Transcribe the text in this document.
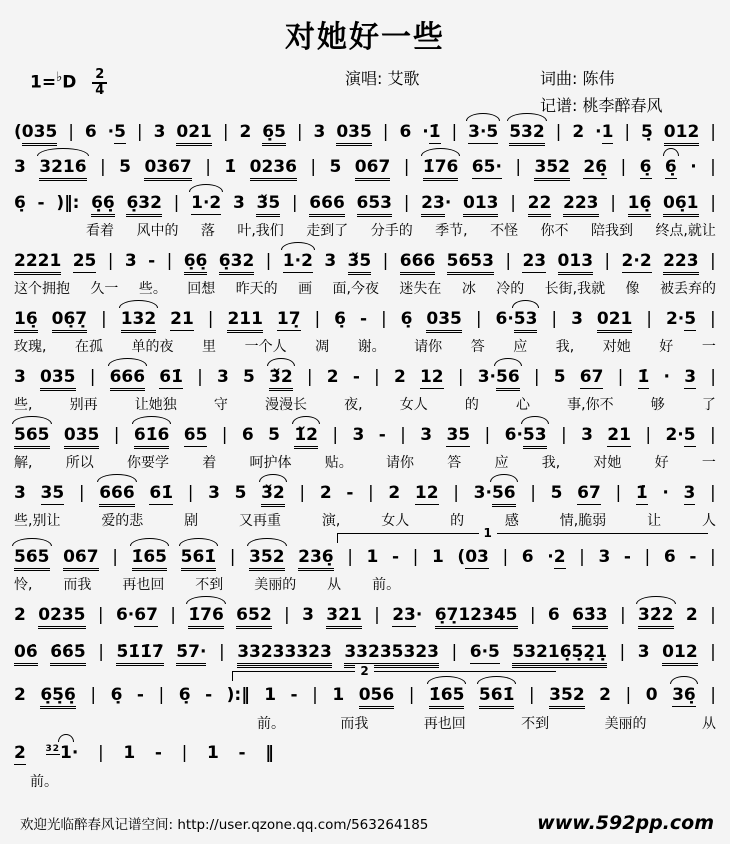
对她好一些
$1=^♭D \frac{2}{4}$	演唱: 艾歌	词曲: 陈伟
记谱: 桃李醉春风
(035 | 6 ·5 | 3 021 | 2 6̣5 | 3 035 | 6 ·1̇ | 3·5 532 | 2 ·1 | 5̣ 012 |
3 3216 | 5 0367 | 1̇ 0236 | 5 067 | 1̇76 65· | 352 26̣ | 6̣ 6̣ · |
6̣ - )‖: 6̣6̣ 6̣32 | 1·2 3 3̌5 | 666 653 | 23· 013 | 22 223 | 16̣ 06̣1 |
看着 风中的 落 叶,我们 走到了 分手的 季节, 不怪 你不 陪我到 终点,就让
2221 25 | 3 - | 6̣6̣ 6̣32 | 1·2 3 3̌5 | 666 5653 | 23 013 | 2·2 223 |
这个拥抱 久一 些。 回想 昨天的 画 面,今夜 迷失在 冰 冷的 长街,我就 像 被丢弃的
16̣ 06̣7̣ | 132 21 | 211 17̣ | 6̣ - | 6̣ 035 | 6·53 | 3 021 | 2·5 |
玫瑰, 在孤 单的夜 里 一个人 凋 谢。 请你 答 应 我, 对她 好 一
3 035 | 666 61̇ | 3 5 3̌2 | 2 - | 2 12 | 3·56 | 5 67 | 1̇ · 3 |
些,	别再	让她独	守	漫漫长	夜,	女人	的	心	事,你不	够	了
565 035 | 61̇6 65 | 6 5 1̌2 | 3 - | 3 35 | 6·53 | 3 21 | 2·5 |
解, 所以 你要学 着 呵护体 贴。 请你 答 应 我, 对她 好 一
3 35 | 666 61̇ | 3 5 3̌2 | 2 - | 2 12 | 3·56 | 5 67 | 1̇ · 3 |
些,别让	爱的悲	剧	又再重	演,	女人	的	感	情,脆弱	让	人
1
565 067 | 1̇65 561̇ | 352 236̣ | 1 - | 1 (03 | 6 ·2 | 3 - | 6 - |
怜, 而我 再也回 不到 美丽的 从 前。
2 0235 | 6·67 | 1̇76 652 | 3 321 | 23· 6̣7̣12345 | 6 63̇3 | 32̇2 2 |
06̇ 6̇6̇5̇ | 5̇1̇1̇7̇ 5̇7· | 33233323 33235323 | 6·5 53216̣5̣2̣1̣ | 3 012 |
2
2 6̣5̣6̣ | 6̣ - | 6̣ - ):‖ 1 - | 1 056 | 1̇65 561̇ | 352 2 | 0 36̣ |
前。	而我	再也回	不到	美丽的	从
2 $^{32}$1· | 1 - | 1 - ‖
前。
欢迎光临醉春风记谱空间: http://user.qzone.qq.com/563264185	www.592pp.com
